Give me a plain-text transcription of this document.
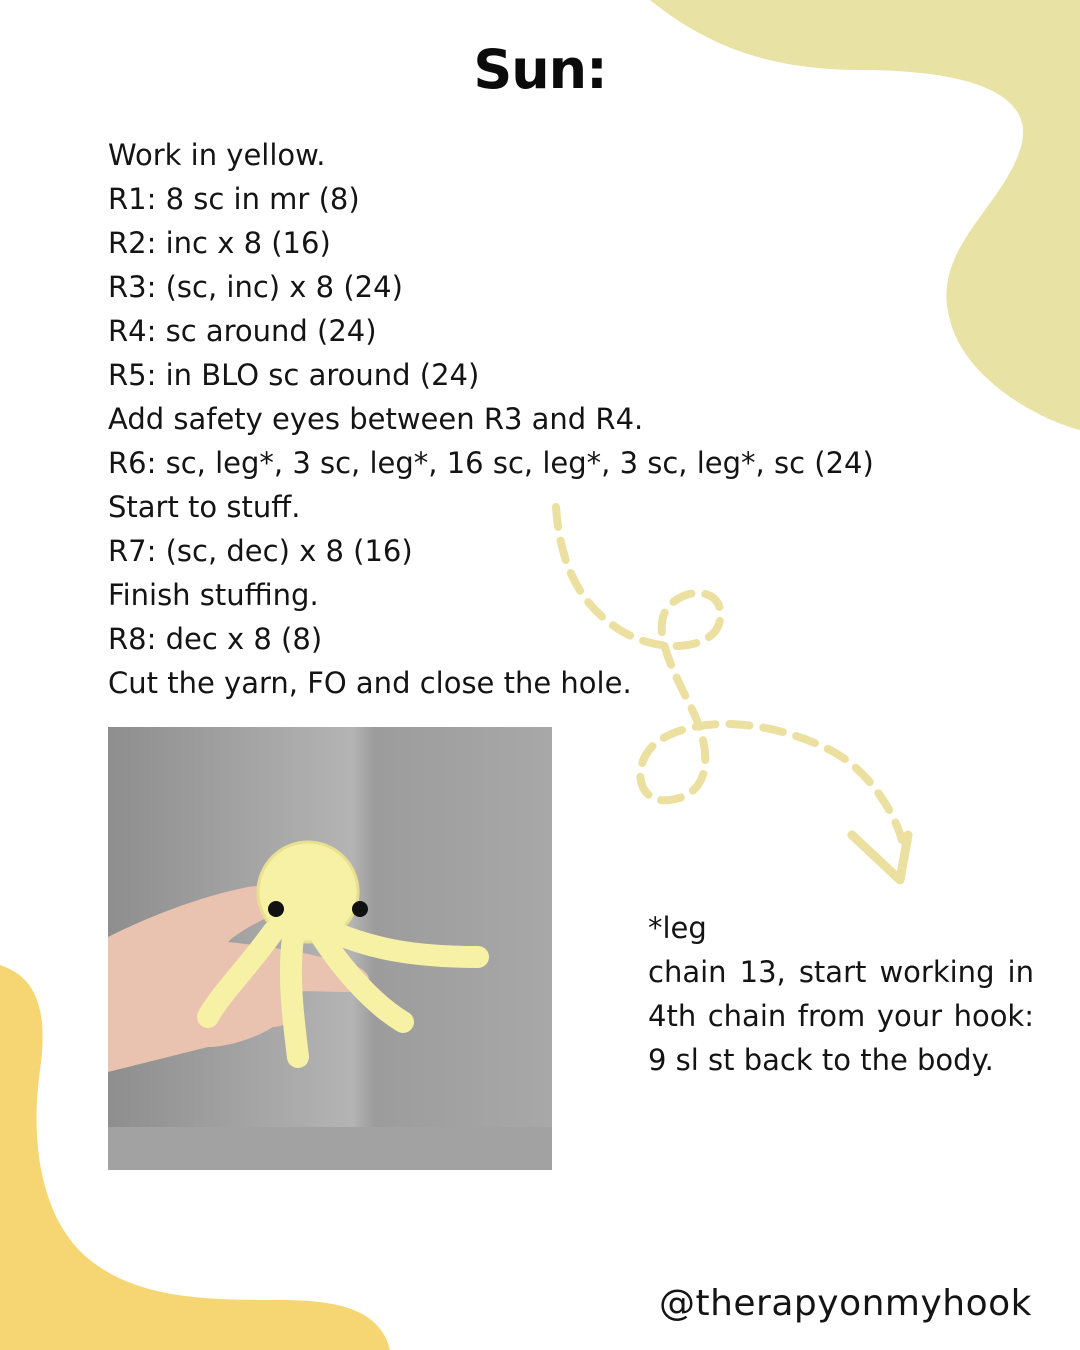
Sun:
Work in yellow.
R1: 8 sc in mr (8)
R2: inc x 8 (16)
R3: (sc, inc) x 8 (24)
R4: sc around (24)
R5: in BLO sc around (24)
Add safety eyes between R3 and R4.
R6: sc, leg*, 3 sc, leg*, 16 sc, leg*, 3 sc, leg*, sc (24)
Start to stuff.
R7: (sc, dec) x 8 (16)
Finish stuffing.
R8: dec x 8 (8)
Cut the yarn, FO and close the hole.
*leg
chain 13, start working in
4th chain from your hook:
9 sl st back to the body.
@therapyonmyhook
